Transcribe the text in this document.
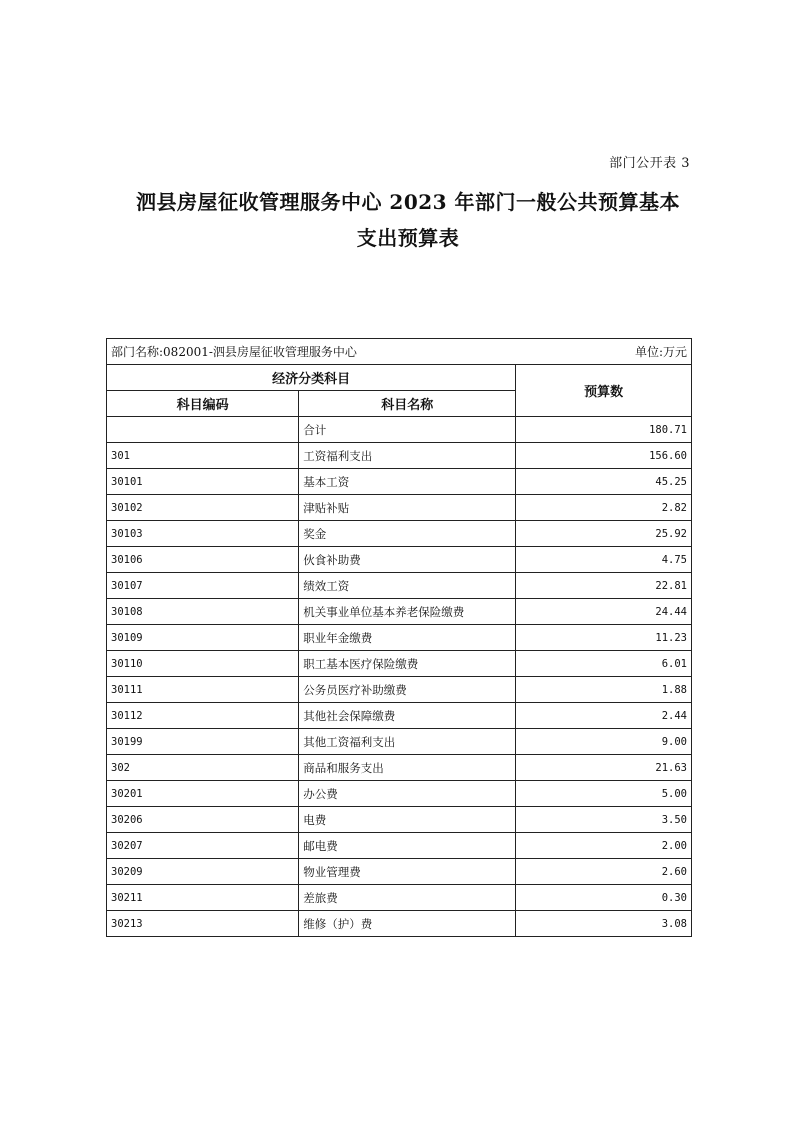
部门公开表 3
泗县房屋征收管理服务中心 2023 年部门一般公共预算基本支出预算表
部门名称:082001-泗县房屋征收管理服务中心 单位:万元		

经济分类科目		预算数
科目编码	科目名称	
	合计	180.71
301	工资福利支出	156.60
30101	基本工资	45.25
30102	津贴补贴	2.82
30103	奖金	25.92
30106	伙食补助费	4.75
30107	绩效工资	22.81
30108	机关事业单位基本养老保险缴费	24.44
30109	职业年金缴费	11.23
30110	职工基本医疗保险缴费	6.01
30111	公务员医疗补助缴费	1.88
30112	其他社会保障缴费	2.44
30199	其他工资福利支出	9.00
302	商品和服务支出	21.63
30201	办公费	5.00
30206	电费	3.50
30207	邮电费	2.00
30209	物业管理费	2.60
30211	差旅费	0.30
30213	维修（护）费	3.08
